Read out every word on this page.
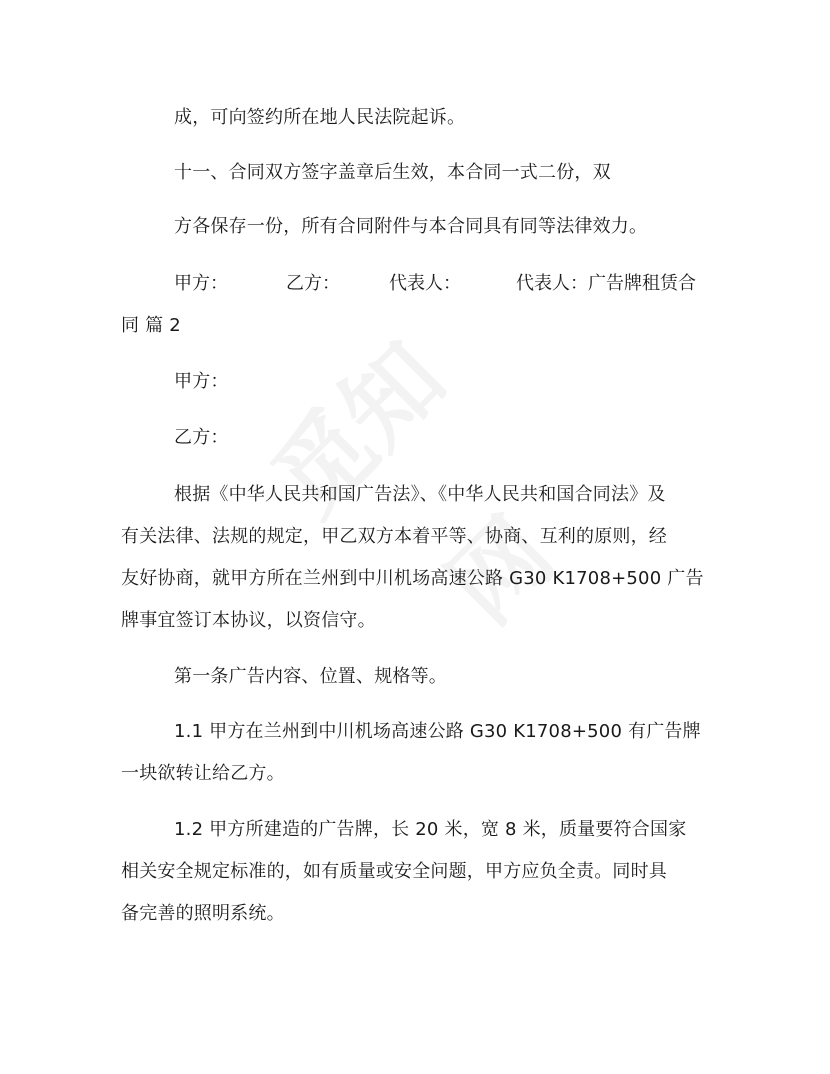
成，可向签约所在地人民法院起诉。
十一、合同双方签字盖章后生效，本合同一式二份，双
方各保存一份，所有合同附件与本合同具有同等法律效力。
甲方：	乙方：	代表人：	代表人：广告牌租赁合
同 篇 2
甲方：
乙方：
根据《中华人民共和国广告法》、《中华人民共和国合同法》及
有关法律、法规的规定，甲乙双方本着平等、协商、互利的原则，经
友好协商，就甲方所在兰州到中川机场高速公路 G30 K1708+500 广告
牌事宜签订本协议，以资信守。
第一条广告内容、位置、规格等。
1.1 甲方在兰州到中川机场高速公路 G30 K1708+500 有广告牌
一块欲转让给乙方。
1.2 甲方所建造的广告牌，长 20 米，宽 8 米，质量要符合国家
相关安全规定标准的，如有质量或安全问题，甲方应负全责。同时具
备完善的照明系统。
